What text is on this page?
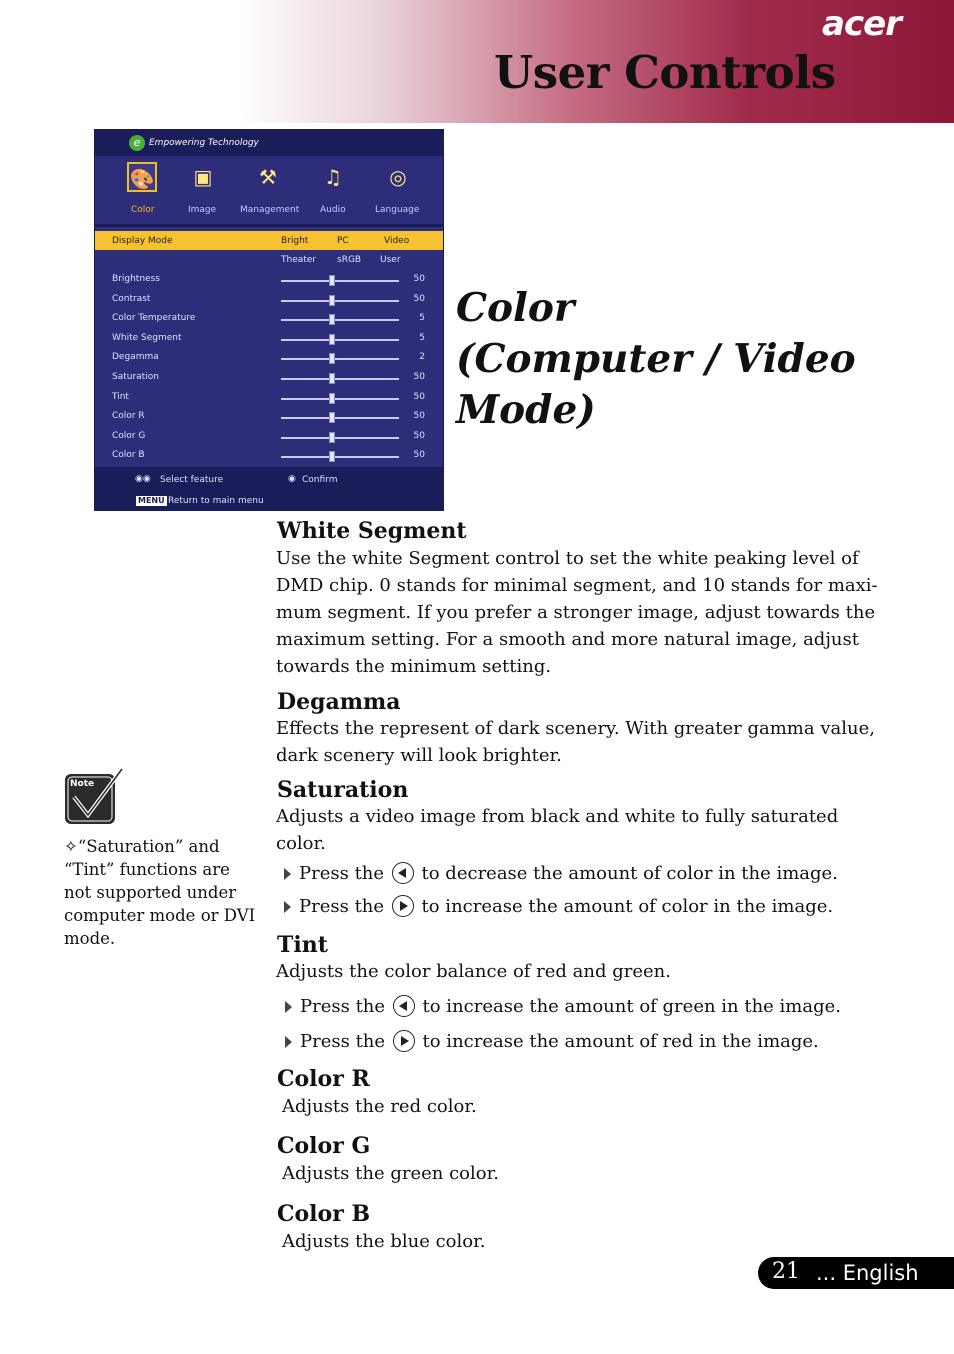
acer
User Controls
e Empowering Technology
🎨 ▣	⚒	♫	◎
Color	Image	Management Audio	Language
Display Mode	Bright	PC	Video
Theater sRGB User
Brightness	50
Contrast	50
Color Temperature	5
White Segment	5
Degamma	2
Saturation	50
Tint	50
Color R	50
Color G	50
Color B	50
◉◉ Select feature	◉ Confirm
MENU Return to main menu
Color
(Computer / Video
Mode)
White Segment
Use the white Segment control to set the white peaking level of
DMD chip. 0 stands for minimal segment, and 10 stands for maxi-
mum segment. If you prefer a stronger image, adjust towards the
maximum setting. For a smooth and more natural image, adjust
towards the minimum setting.
Degamma
Effects the represent of dark scenery. With greater gamma value,
dark scenery will look brighter.
Saturation
Adjusts a video image from black and white to fully saturated
color.
Press the to decrease the amount of color in the image.
Press the to increase the amount of color in the image.
Tint
Adjusts the color balance of red and green.
Press the to increase the amount of green in the image.
Press the to increase the amount of red in the image.
Color R
Adjusts the red color.
Color G
Adjusts the green color.
Color B
Adjusts the blue color.
Note
✧“Saturation” and
“Tint” functions are
not supported under
computer mode or DVI
mode.
21 ... English
